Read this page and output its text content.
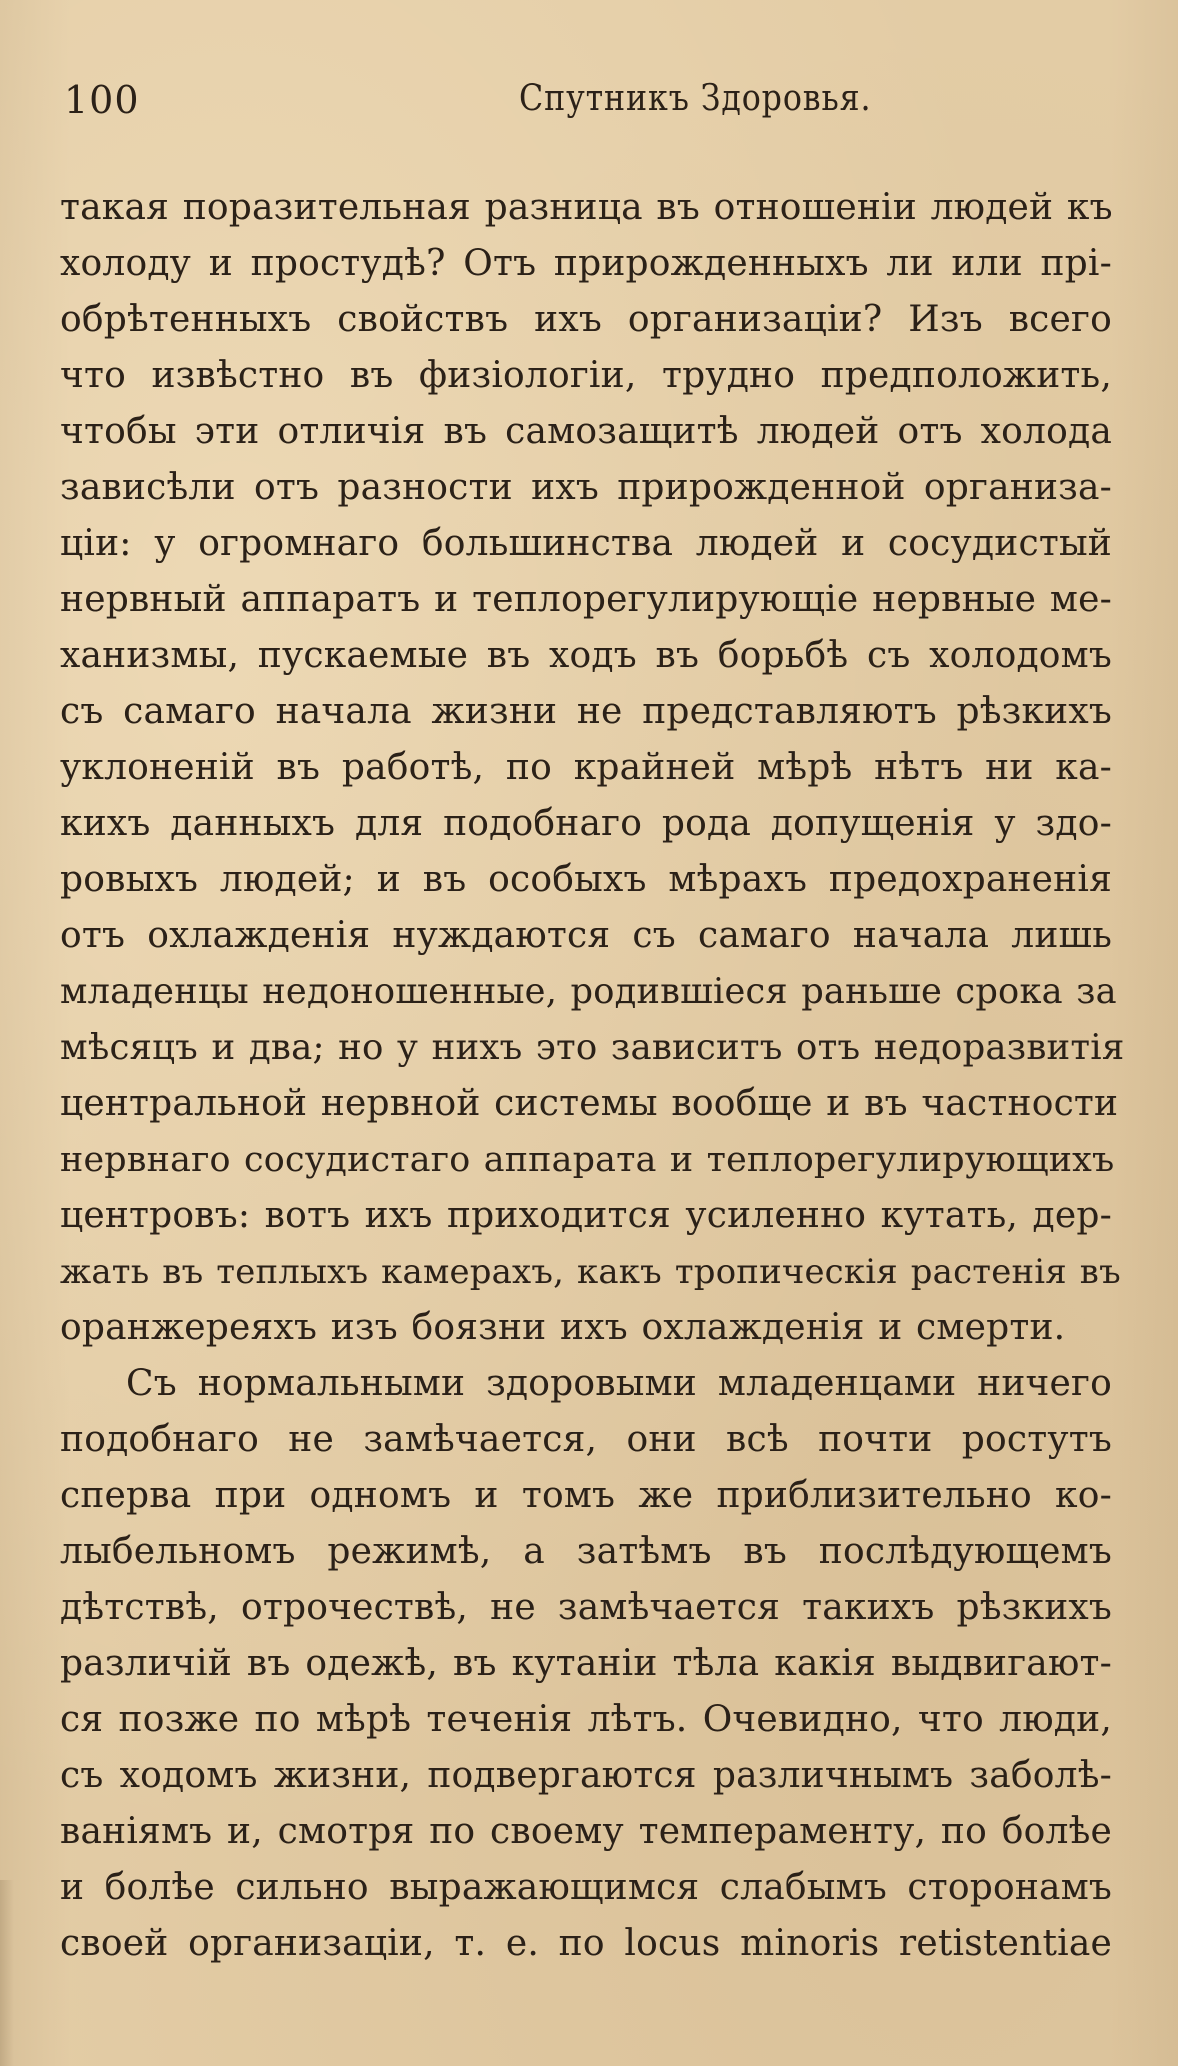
100	Спутникъ Здоровья.
такая поразительная разница въ отношенiи людей къ
холоду и простудѣ? Отъ прирожденныхъ ли или прi-
обрѣтенныхъ свойствъ ихъ организацiи? Изъ всего
что извѣстно въ физiологiи, трудно предположить,
чтобы эти отличiя въ самозащитѣ людей отъ холода
зависѣли отъ разности ихъ прирожденной организа-
цiи: у огромнаго большинства людей и сосудистый
нервный аппаратъ и теплорегулирующiе нервные ме-
ханизмы, пускаемые въ ходъ въ борьбѣ съ холодомъ
съ самаго начала жизни не представляютъ рѣзкихъ
уклоненiй въ работѣ, по крайней мѣрѣ нѣтъ ни ка-
кихъ данныхъ для подобнаго рода допущенiя у здо-
ровыхъ людей; и въ особыхъ мѣрахъ предохраненiя
отъ охлажденiя нуждаются съ самаго начала лишь
младенцы недоношенные, родившiеся раньше срока за
мѣсяцъ и два; но у нихъ это зависитъ отъ недоразвитiя
центральной нервной системы вообще и въ частности
нервнаго сосудистаго аппарата и теплорегулирующихъ
центровъ: вотъ ихъ приходится усиленно кутать, дер-
жать въ теплыхъ камерахъ, какъ тропическiя растенiя въ
оранжереяхъ изъ боязни ихъ охлажденiя и смерти.
Съ нормальными здоровыми младенцами ничего
подобнаго не замѣчается, они всѣ почти ростутъ
сперва при одномъ и томъ же приблизительно ко-
лыбельномъ режимѣ, а затѣмъ въ послѣдующемъ
дѣтствѣ, отрочествѣ, не замѣчается такихъ рѣзкихъ
различiй въ одежѣ, въ кутанiи тѣла какiя выдвигают-
ся позже по мѣрѣ теченiя лѣтъ. Очевидно, что люди,
съ ходомъ жизни, подвергаются различнымъ заболѣ-
ванiямъ и, смотря по своему темпераменту, по болѣе
и болѣе сильно выражающимся слабымъ сторонамъ
своей организацiи, т. е. по locus minoris retistentiae
